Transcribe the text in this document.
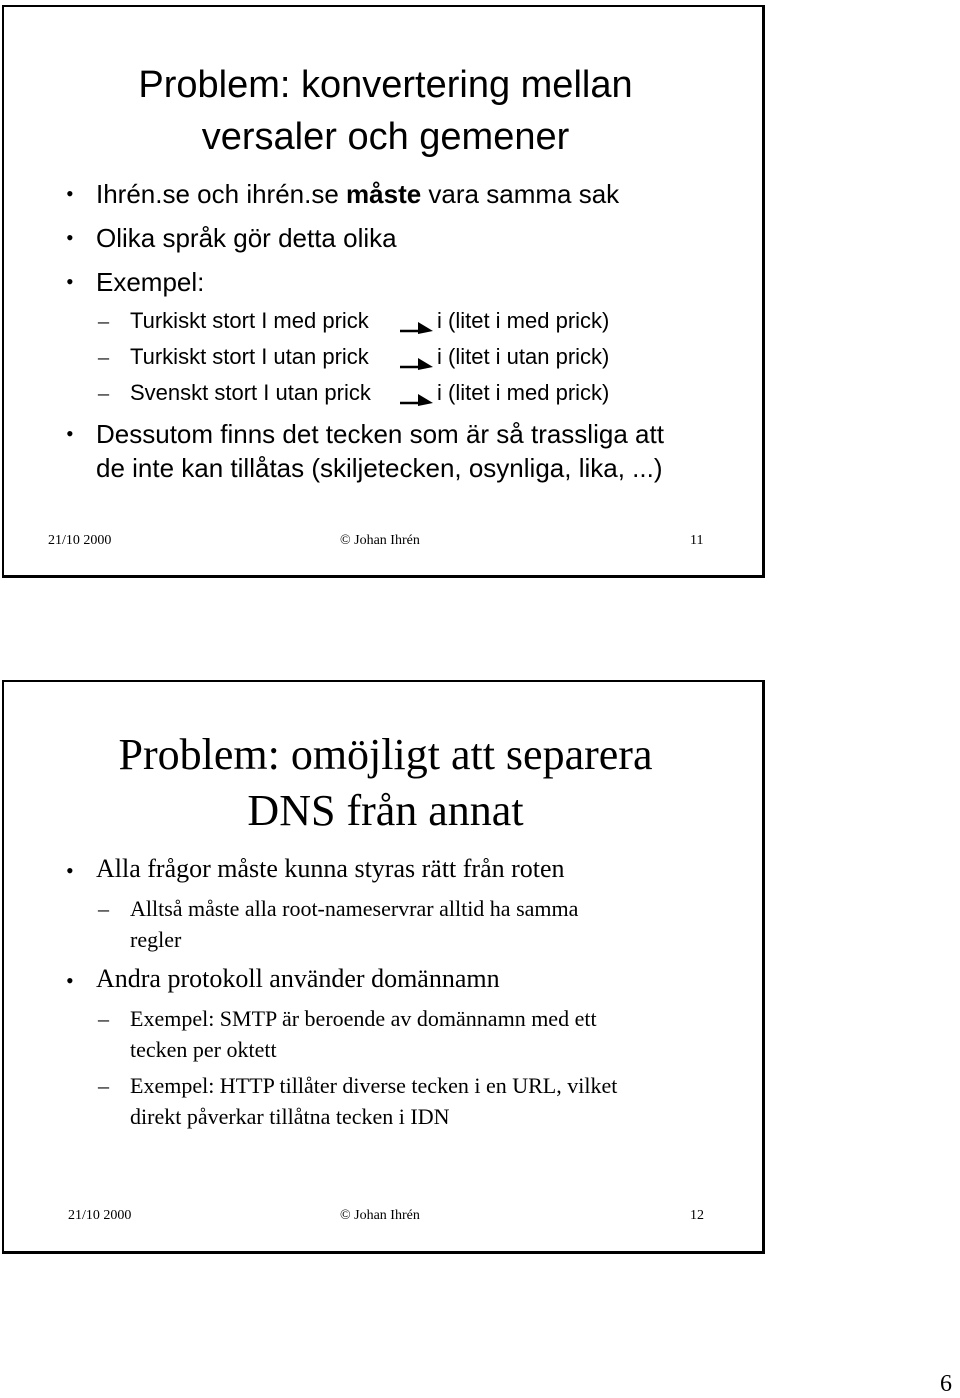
Problem: konvertering mellan
versaler och gemener
• Ihrén.se och ihrén.se måste vara samma sak
• Olika språk gör detta olika
• Exempel:
– Turkiskt stort I med prick	i (litet i med prick)
– Turkiskt stort I utan prick	i (litet i utan prick)
– Svenskt stort I utan prick	i (litet i med prick)
• Dessutom finns det tecken som är så trassliga att
de inte kan tillåtas (skiljetecken, osynliga, lika, ...)
21/10 2000	© Johan Ihrén	11
Problem: omöjligt att separera
DNS från annat
• Alla frågor måste kunna styras rätt från roten
– Alltså måste alla root-nameservrar alltid ha samma
regler
• Andra protokoll använder domännamn
– Exempel: SMTP är beroende av domännamn med ett
tecken per oktett
– Exempel: HTTP tillåter diverse tecken i en URL, vilket
direkt påverkar tillåtna tecken i IDN
21/10 2000	© Johan Ihrén	12
6
